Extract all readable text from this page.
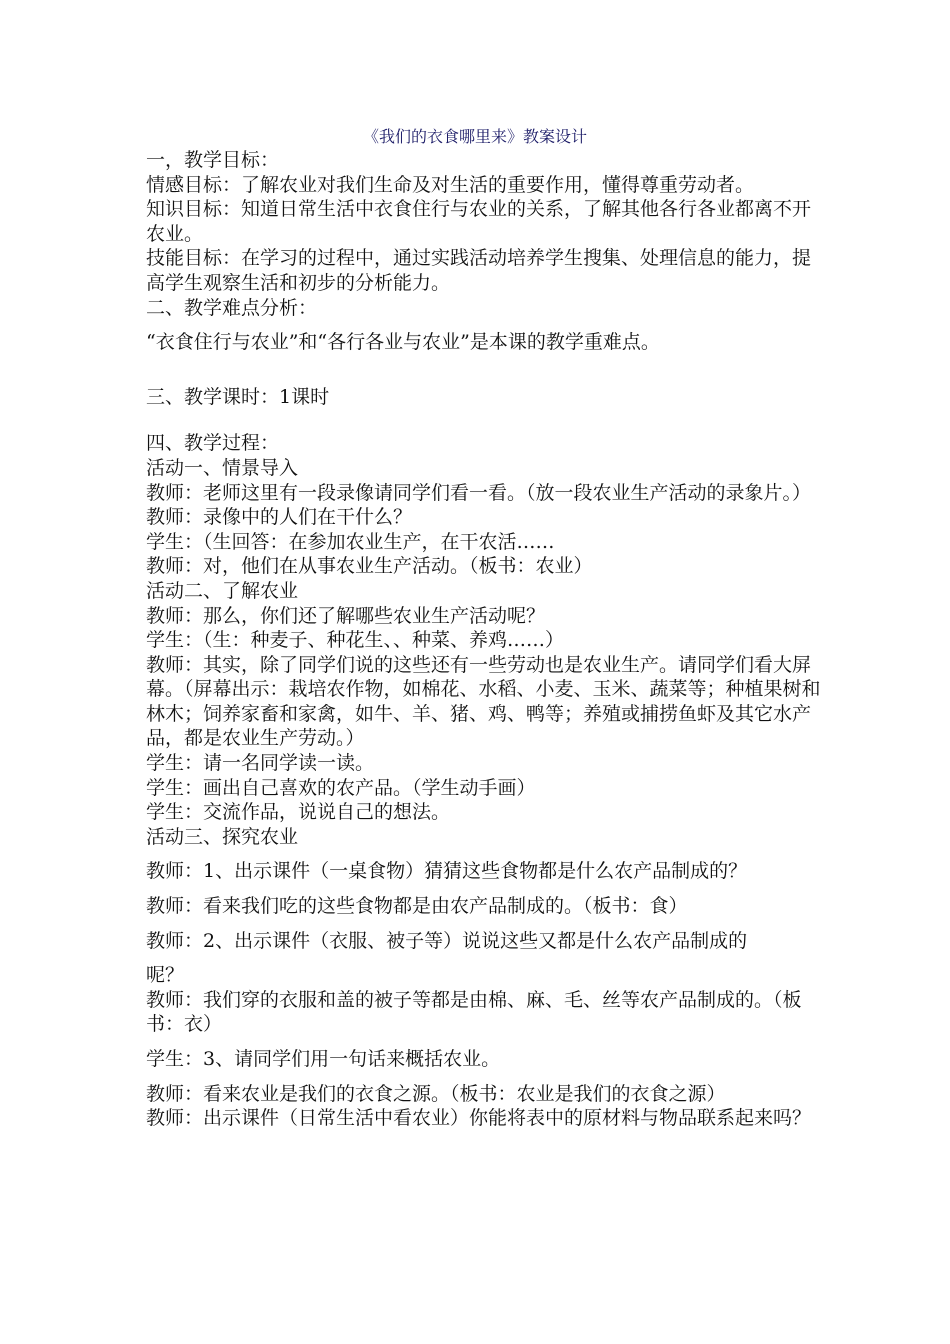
《我们的衣食哪里来》教案设计

一，教学目标：

情感目标：了解农业对我们生命及对生活的重要作用，懂得尊重劳动者。

知识目标：知道日常生活中衣食住行与农业的关系，了解其他各行各业都离不开农业。

技能目标：在学习的过程中，通过实践活动培养学生搜集、处理信息的能力，提高学生观察生活和初步的分析能力。

二、教学难点分析：

“衣食住行与农业”和“各行各业与农业”是本课的教学重难点。

三、教学课时：1课时

四、教学过程：

活动一、情景导入

教师：老师这里有一段录像请同学们看一看。（放一段农业生产活动的录象片。）

教师：录像中的人们在干什么？

学生：（生回答：在参加农业生产，在干农活……

教师：对，他们在从事农业生产活动。（板书：农业）

活动二、了解农业

教师：那么，你们还了解哪些农业生产活动呢？

学生：（生：种麦子、种花生、、种菜、养鸡……）

教师：其实，除了同学们说的这些还有一些劳动也是农业生产。请同学们看大屏幕。（屏幕出示：栽培农作物，如棉花、水稻、小麦、玉米、蔬菜等；种植果树和林木；饲养家畜和家禽，如牛、羊、猪、鸡、鸭等；养殖或捕捞鱼虾及其它水产品，都是农业生产劳动。）

学生：请一名同学读一读。

学生：画出自己喜欢的农产品。（学生动手画）

学生：交流作品，说说自己的想法。

活动三、探究农业

教师：1、出示课件（一桌食物）猜猜这些食物都是什么农产品制成的？

教师：看来我们吃的这些食物都是由农产品制成的。（板书：食）

教师：2、出示课件（衣服、被子等）说说这些又都是什么农产品制成的

呢？

教师：我们穿的衣服和盖的被子等都是由棉、麻、毛、丝等农产品制成的。（板书：衣）

学生：3、请同学们用一句话来概括农业。

教师：看来农业是我们的衣食之源。（板书：农业是我们的衣食之源）

教师：出示课件（日常生活中看农业）你能将表中的原材料与物品联系起来吗？
